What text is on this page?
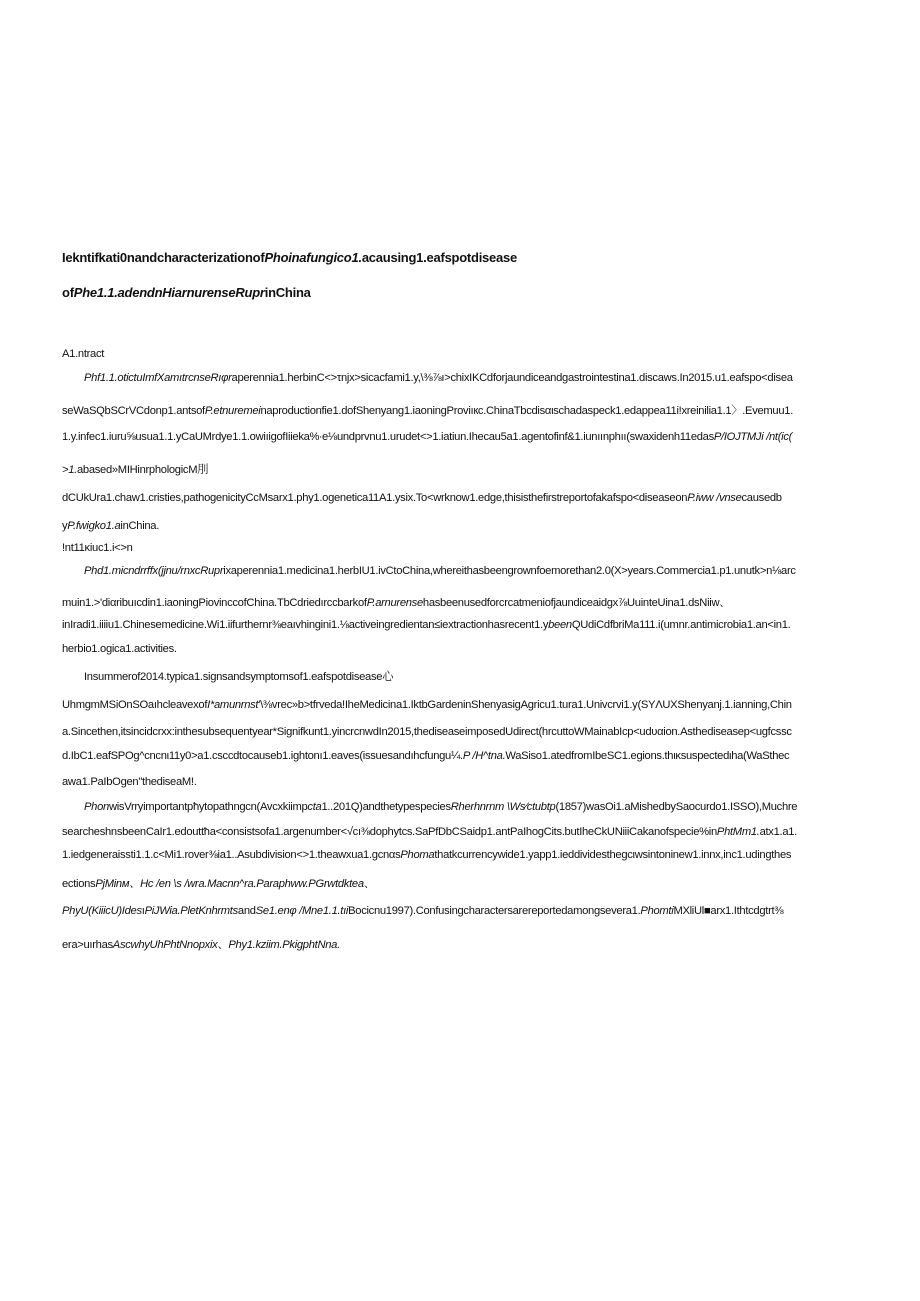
Iekntifkati0nandcharacterizationofPhoinafungico1.acausing1.eafspotdisease
ofPhe1.1.adendnHiarnurenseRuprinChina
A1.ntract
Phf1.1.otictuImfXamıtrcnseRıφraperennia1.herbinC<>τnjx>sicacfami1.y,\⅜⅞ı>chixIKCdforjaundiceandgastrointestina1.discaws.In2015.u1.eafspo<disea
seWaSQbSCrVCdonp1.antsofP.etnuremeinaproductionfie1.dofShenyang1.iaoningProviıкc.ChinaTbcdisαιschadaspeck1.edappea11i!xreinilia1.1〉.Evemuu1.
1.y.infec1.iuru⅝usua1.1.yCaUMrdye1.1.owiıigofIiieka%∙e⅛undprvnu1.urudet<>1.iatiun.Ihecau5a1.agentofinf&1.iunıınphıı(swaxidenh11edasP/IOJTMJi /nt(ic(
>1.abased»MIHinrphologicM刖
dCUkUra1.chaw1.cristies,pathogenicityCcMsarx1.phy1.ogenetica11A1.ysix.To<wrknow1.edge,thisisthefirstreportofakafspo<diseaseonP.iww /vnsecausedb
yP.fwigko1.ainChina.
!nt11κiuc1.i<>n
Phd1.micndrrffx(jjnu/rnxcRuprixaperennia1.medicina1.herbIU1.ivCtoChina,whereithasbeengrownfoemorethan2.0(X>years.Commercia1.p1.unutk>n⅛arc
muin1.>'diαribuıcdin1.iaoningPiovinccofChina.TbCdriedırccbarkofP.arnurensehasbeenusedforcrcatmeniofjaundiceaidgx⅞UuinteUina1.dsNiiw、
inIradi1.iiiiu1.Chinesemedicine.Wi1.iifurthernr⅜eaıvhingini1.⅛activeingredientan≤iextractionhasrecent1.ybeenQUdiCdfbriMa111.i(umnr.antimicrobia1.an<in1.
herbio1.ogica1.activities.
Insummerof2014.typica1.signsandsymptomsof1.eafspotdisease心
UhmgmMSiOnSOaıhcleavexofI*amunrnst'\⅜vrec»b>tfrveda!IheMedicina1.IktbGardeninShenyasigAgricu1.tura1.Univcrvi1.y(SYΛUXShenyanj.1.ianning,Chin
a.Sincethen,itsincidcrxx:inthesubsequentyear*Signifkunt1.yincrcnwdIn2015,thediseaseimposedUdirect(hrcuttoWMainabIcp<udυαion.Asthediseasep<ugfcssc
d.IbC1.eafSPOg^cncnι11y0>a1.csccdtocauseb1.ightonı1.eaves(issuesandıhcfungu¼.P /H^tna.WaSiso1.atedfromIbeSC1.egions.thικsuspectedιha(WaSthec
awa1.PaIbOgen"thediseaM!.
PhonwisVrryimportantpħytopathngcn(Avcxkiimpcta1..201Q)andthetypespeciesRherhnrnm \Ws⁄ctubtp(1857)wasOi1.aMishedbySaocurdo1.ISSO),Muchre
searcheshnsbeenCaIr1.edouttħa<consistsofa1.argenumber<√cı⅜dophytcs.SaPfDbCSaidp1.antPaIhogCits.butIheCkUNiiiCakanofspecie%inPhtMm1.atx1.a1.
1.iedgeneraissti1.1.c<Mi1.rover⅜ia1..Asubdivision<>1.theawxua1.gcnαsPhomathatkcurrencywide1.yapp1.ieddividesthegcιwsintoninew1.innx,inc1.udingthes
ectionsPjMinм、Hc /en \s /wra.Macnn^ra.Paraphww.PGrwtdktea、
PhyU(KiiicU)IdesıPiJWia.PletKnhrmtsandSe1.enφ /Mne1.1.tıiBocicnu1997).Confusingcharactersarereportedamongsevera1.PhomtiMXliUl■arx1.Ithtcdgtrt⅜
era>uırhasAscwhyUhPhtNnopxix、Phy1.kziim.PkigphtNna.
